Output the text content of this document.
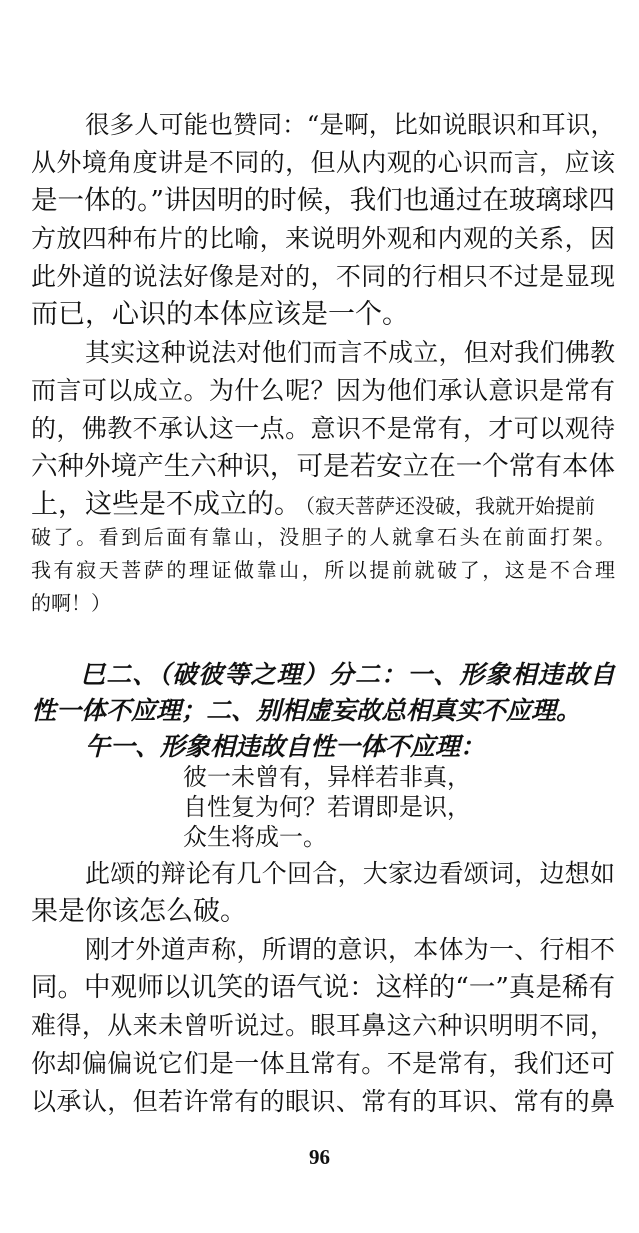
很多人可能也赞同：“是啊，比如说眼识和耳识，
从外境角度讲是不同的，但从内观的心识而言，应该
是一体的。”讲因明的时候，我们也通过在玻璃球四
方放四种布片的比喻，来说明外观和内观的关系，因
此外道的说法好像是对的，不同的行相只不过是显现
而已，心识的本体应该是一个。
其实这种说法对他们而言不成立，但对我们佛教
而言可以成立。为什么呢？因为他们承认意识是常有
的，佛教不承认这一点。意识不是常有，才可以观待
六种外境产生六种识，可是若安立在一个常有本体
上，这些是不成立的。 （寂天菩萨还没破，我就开始提前
破了。看到后面有靠山，没胆子的人就拿石头在前面打架。
我有寂天菩萨的理证做靠山，所以提前就破了，这是不合理
的啊！）
巳二、（破彼等之理）分二：一、形象相违故自
性一体不应理；二、别相虚妄故总相真实不应理。
午一、形象相违故自性一体不应理：
彼一未曾有，异样若非真，
自性复为何？若谓即是识，
众生将成一。
此颂的辩论有几个回合，大家边看颂词，边想如
果是你该怎么破。
刚才外道声称，所谓的意识，本体为一、行相不
同。中观师以讥笑的语气说：这样的“一”真是稀有
难得，从来未曾听说过。眼耳鼻这六种识明明不同，
你却偏偏说它们是一体且常有。不是常有，我们还可
以承认，但若许常有的眼识、常有的耳识、常有的鼻
96
